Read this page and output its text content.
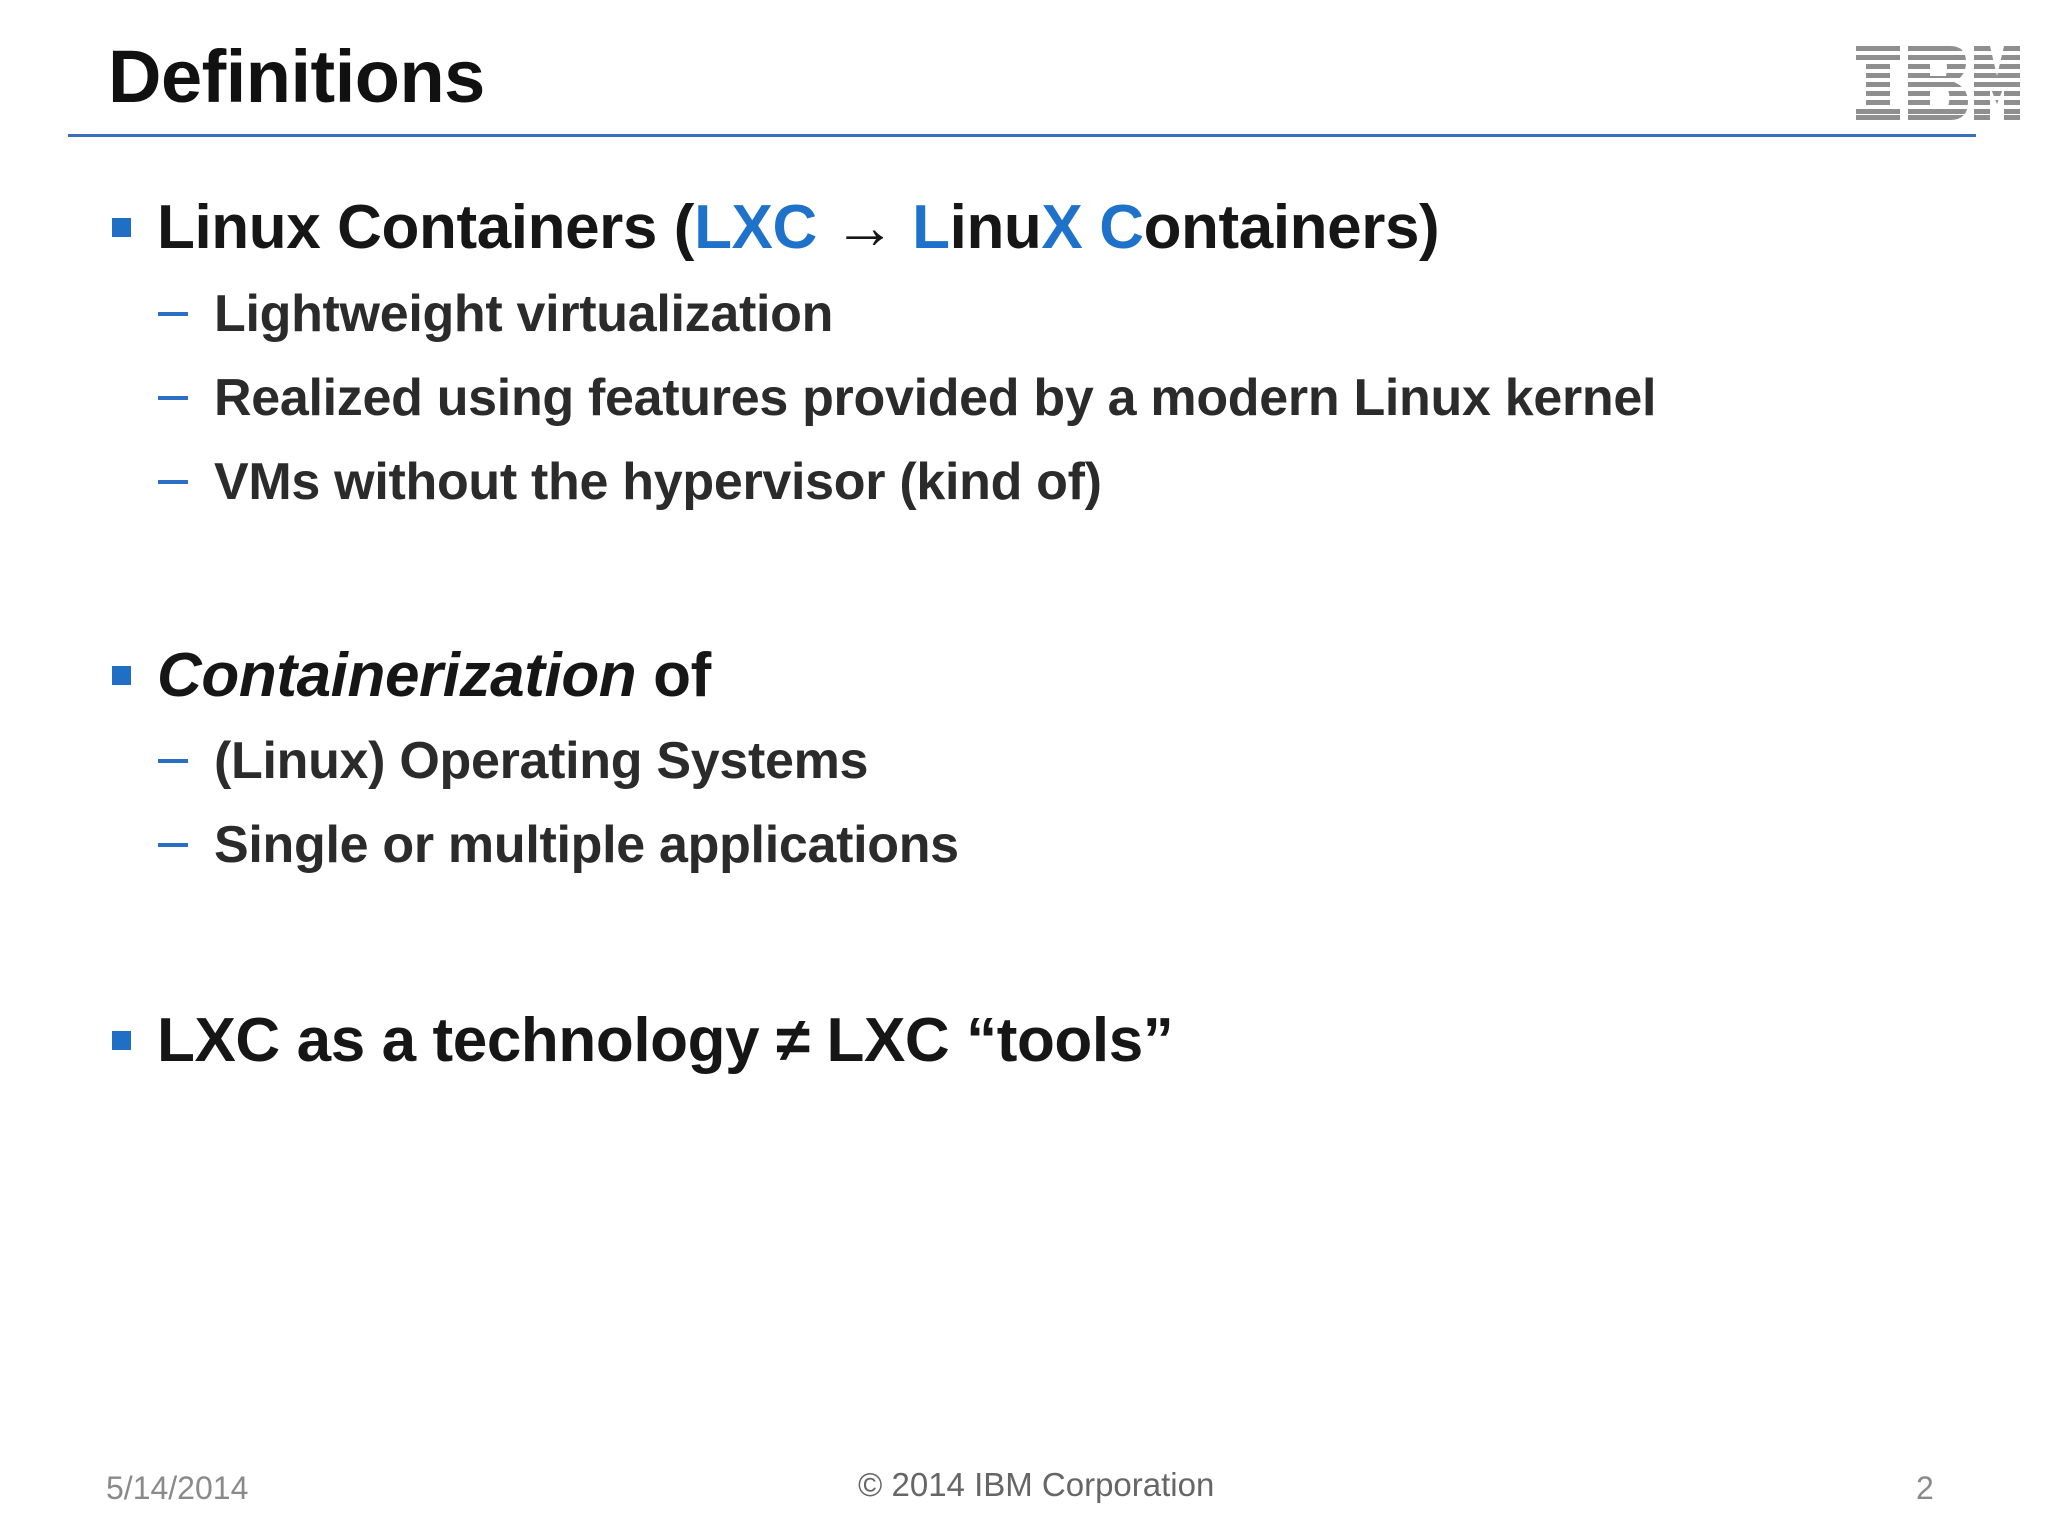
Definitions
Linux Containers (LXC → LinuX Containers)
Lightweight virtualization
Realized using features provided by a modern Linux kernel
VMs without the hypervisor (kind of)
Containerization of
(Linux) Operating Systems
Single or multiple applications
LXC as a technology ≠ LXC “tools”
5/14/2014	© 2014 IBM Corporation	2
